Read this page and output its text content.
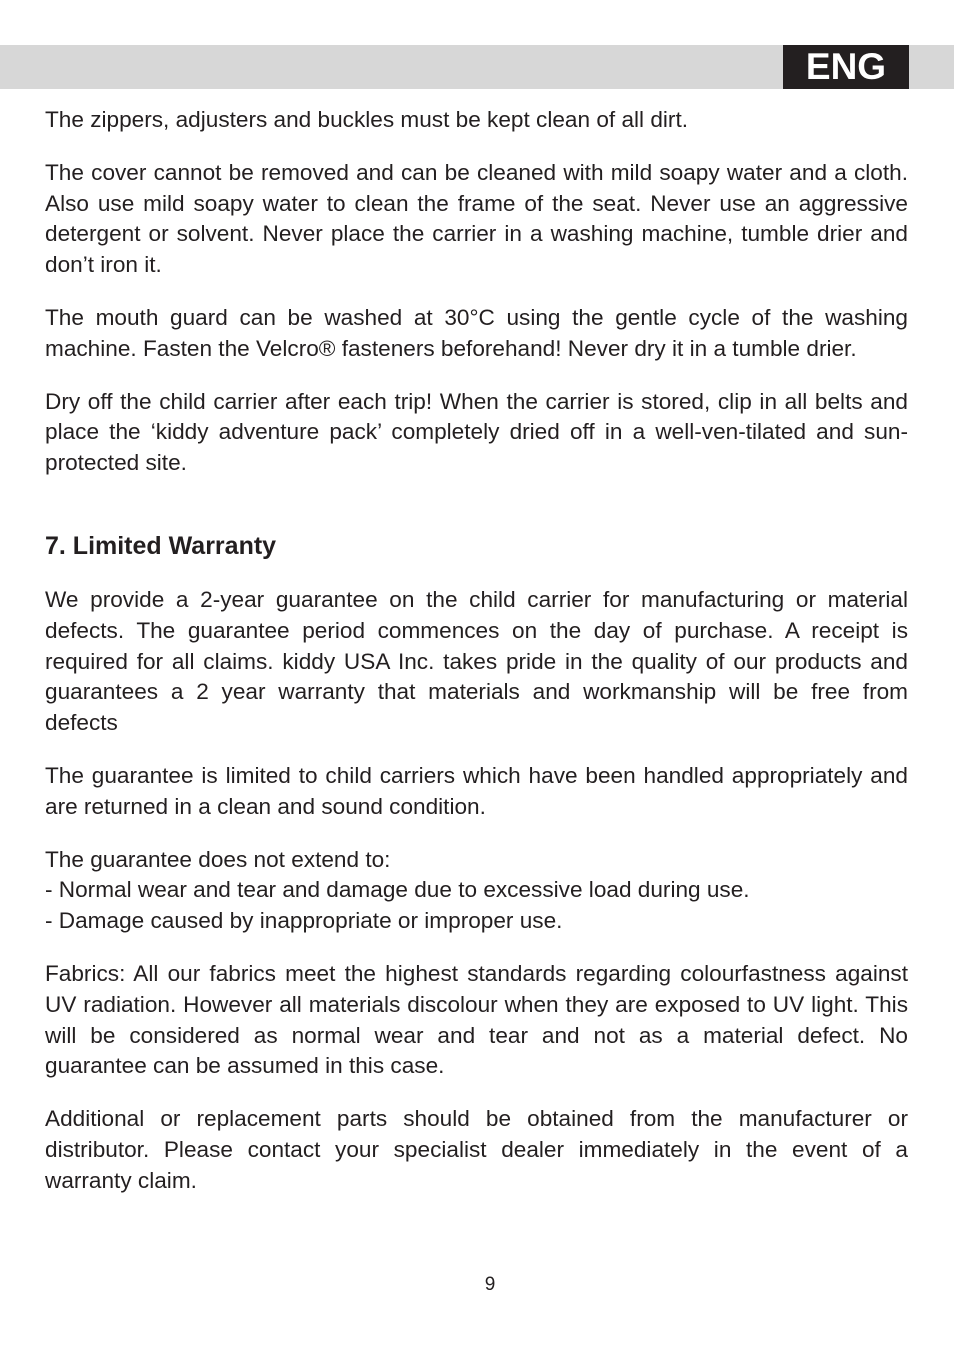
ENG

The zippers, adjusters and buckles must be kept clean of all dirt.

The cover cannot be removed and can be cleaned with mild soapy water and a cloth. Also use mild soapy water to clean the frame of the seat. Never use an aggressive detergent or solvent. Never place the carrier in a washing machine, tumble drier and don’t iron it.

The mouth guard can be washed at 30°C using the gentle cycle of the washing machine. Fasten the Velcro® fasteners beforehand! Never dry it in a tumble drier.

Dry off the child carrier after each trip! When the carrier is stored, clip in all belts and place the ‘kiddy adventure pack’ completely dried off in a well-ven-tilated and sun-protected site.

7. Limited Warranty

We provide a 2-year guarantee on the child carrier for manufacturing or material defects. The guarantee period commences on the day of purchase. A receipt is required for all claims. kiddy USA Inc. takes pride in the quality of our products and guarantees a 2 year warranty that materials and workmanship will be free from defects

The guarantee is limited to child carriers which have been handled appropriately and are returned in a clean and sound condition.

The guarantee does not extend to:
- Normal wear and tear and damage due to excessive load during use.
- Damage caused by inappropriate or improper use.

Fabrics: All our fabrics meet the highest standards regarding colourfastness against UV radiation. However all materials discolour when they are exposed to UV light. This will be considered as normal wear and tear and not as a material defect. No guarantee can be assumed in this case.

Additional or replacement parts should be obtained from the manufacturer or distributor. Please contact your specialist dealer immediately in the event of a warranty claim.

9
